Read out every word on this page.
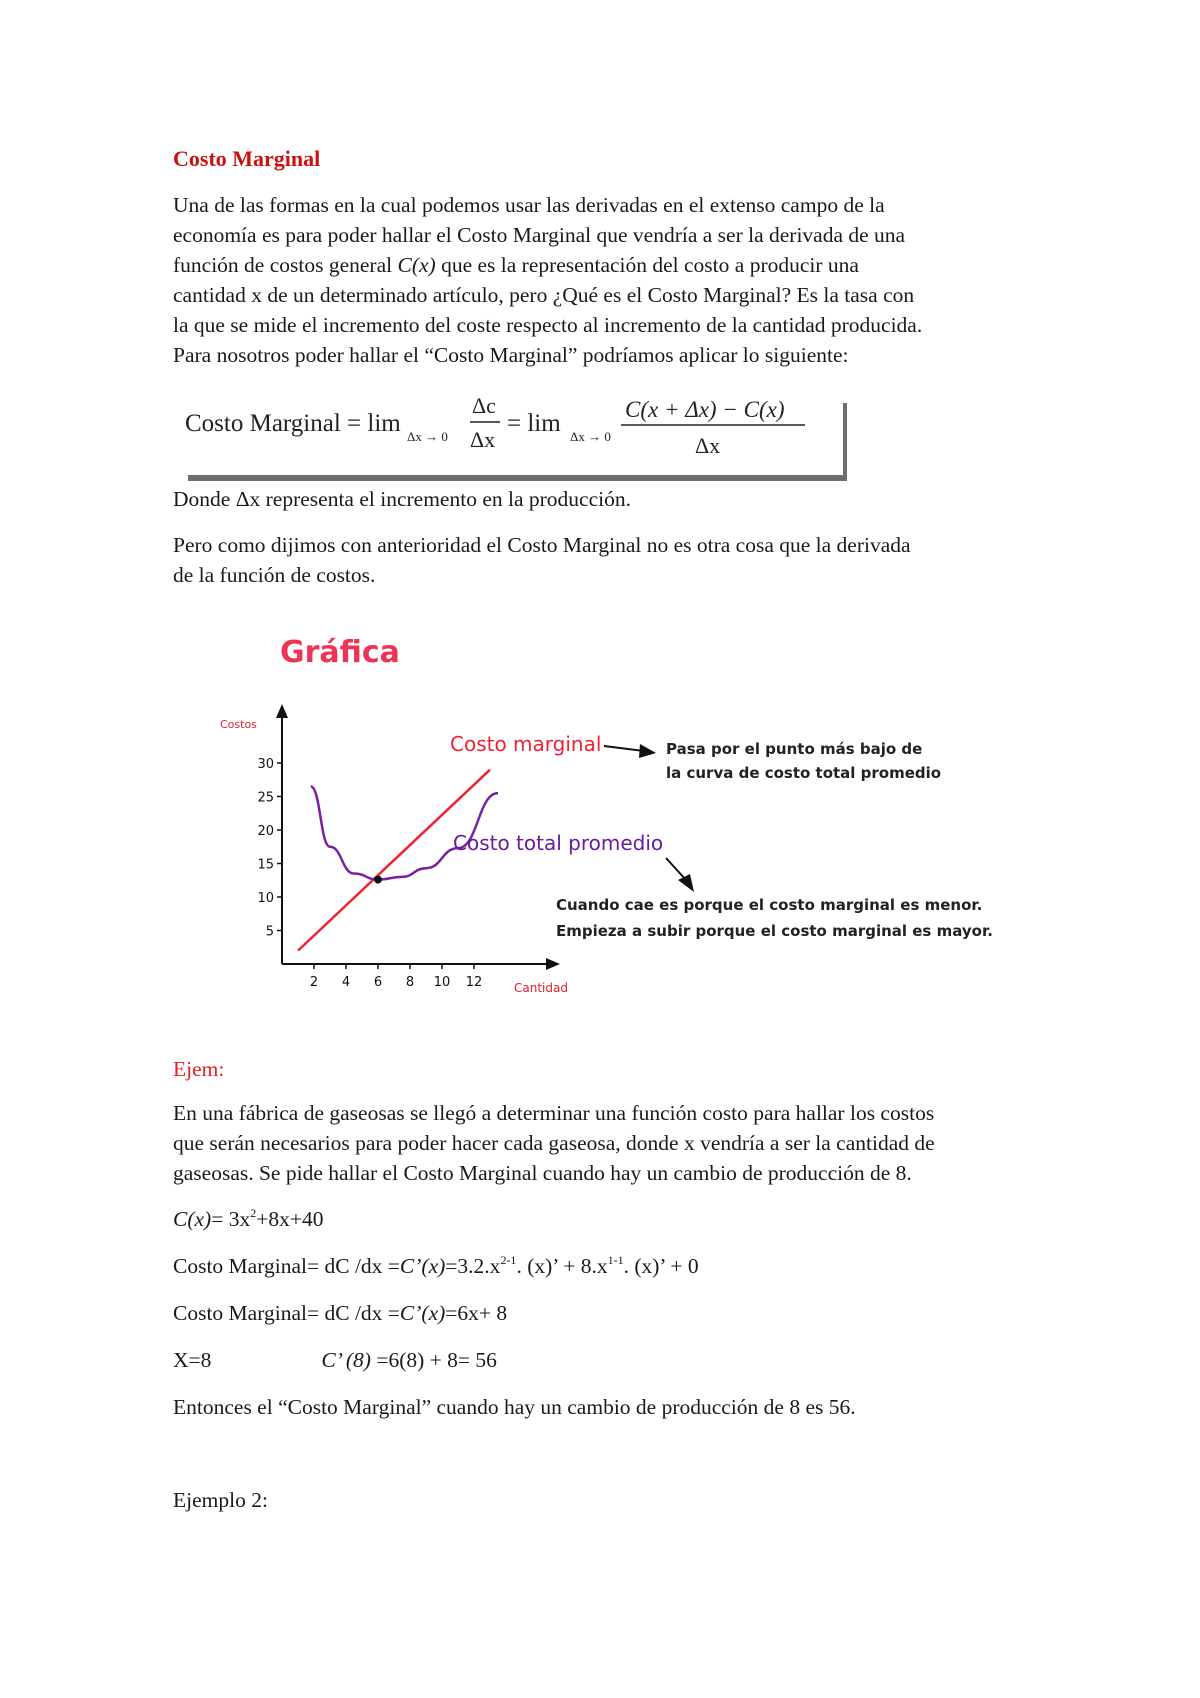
Costo Marginal

Una de las formas en la cual podemos usar las derivadas en el extenso campo de la

economía es para poder hallar el Costo Marginal que vendría a ser la derivada de una

función de costos general C(x) que es la representación del costo a producir una

cantidad x de un determinado artículo, pero ¿Qué es el Costo Marginal? Es la tasa con

la que se mide el incremento del coste respecto al incremento de la cantidad producida.

Para nosotros poder hallar el “Costo Marginal” podríamos aplicar lo siguiente:

Costo Marginal = lim Δx → 0
Δc
Δx
= lim Δx → 0
C(x + Δx) − C(x)
Δx

Donde Δx representa el incremento en la producción.

Pero como dijimos con anterioridad el Costo Marginal no es otra cosa que la derivada

de la función de costos.

Gráfica
Costos
Cantidad
5
10
15
20
25
30
2 4 6 8 10 12
Costo marginal
Costo total promedio
Pasa por el punto más bajo de
la curva de costo total promedio
Cuando cae es porque el costo marginal es menor.
Empieza a subir porque el costo marginal es mayor.

Ejem:

En una fábrica de gaseosas se llegó a determinar una función costo para hallar los costos

que serán necesarios para poder hacer cada gaseosa, donde x vendría a ser la cantidad de

gaseosas. Se pide hallar el Costo Marginal cuando hay un cambio de producción de 8.

$C(x)= 3x^2+8x+40$

Costo Marginal= dC $/dx =C’(x)=3.2.x^{2-1}$. (x)’ + $8.x^{1-1}$. (x)’ + 0

Costo Marginal= dC /dx =C’(x)=6x+ 8

X=8	C’ (8) =6(8) + 8= 56

Entonces el “Costo Marginal” cuando hay un cambio de producción de 8 es 56.

Ejemplo 2:
